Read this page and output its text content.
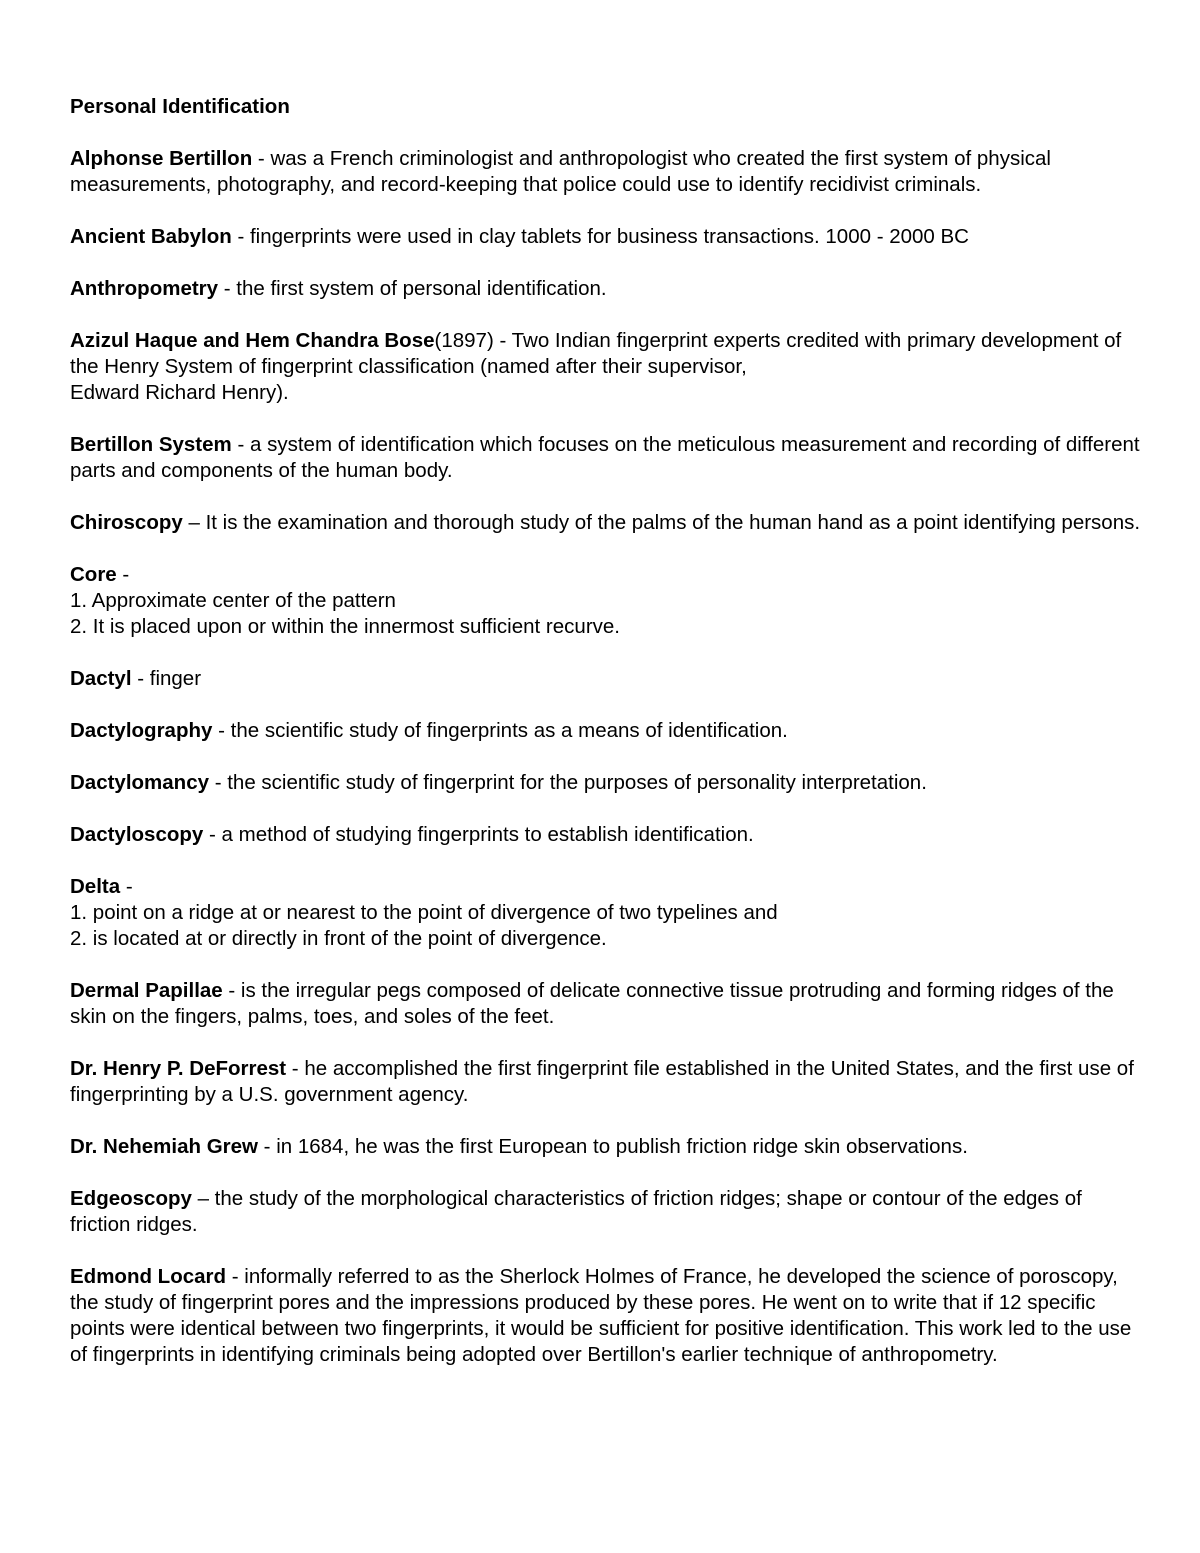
Personal Identification
Alphonse Bertillon - was a French criminologist and anthropologist who created the first system of physical measurements, photography, and record-keeping that police could use to identify recidivist criminals.
Ancient Babylon - fingerprints were used in clay tablets for business transactions. 1000 - 2000 BC
Anthropometry - the first system of personal identification.
Azizul Haque and Hem Chandra Bose(1897) - Two Indian fingerprint experts credited with primary development of the Henry System of fingerprint classification (named after their supervisor,
Edward Richard Henry).
Bertillon System - a system of identification which focuses on the meticulous measurement and recording of different parts and components of the human body.
Chiroscopy – It is the examination and thorough study of the palms of the human hand as a point identifying persons.
Core -
1. Approximate center of the pattern
2. It is placed upon or within the innermost sufficient recurve.
Dactyl - finger
Dactylography - the scientific study of fingerprints as a means of identification.
Dactylomancy - the scientific study of fingerprint for the purposes of personality interpretation.
Dactyloscopy - a method of studying fingerprints to establish identification.
Delta -
1. point on a ridge at or nearest to the point of divergence of two typelines and
2. is located at or directly in front of the point of divergence.
Dermal Papillae - is the irregular pegs composed of delicate connective tissue protruding and forming ridges of the skin on the fingers, palms, toes, and soles of the feet.
Dr. Henry P. DeForrest - he accomplished the first fingerprint file established in the United States, and the first use of fingerprinting by a U.S. government agency.
Dr. Nehemiah Grew - in 1684, he was the first European to publish friction ridge skin observations.
Edgeoscopy – the study of the morphological characteristics of friction ridges; shape or contour of the edges of friction ridges.
Edmond Locard - informally referred to as the Sherlock Holmes of France, he developed the science of poroscopy, the study of fingerprint pores and the impressions produced by these pores. He went on to write that if 12 specific points were identical between two fingerprints, it would be sufficient for positive identification. This work led to the use of fingerprints in identifying criminals being adopted over Bertillon's earlier technique of anthropometry.
